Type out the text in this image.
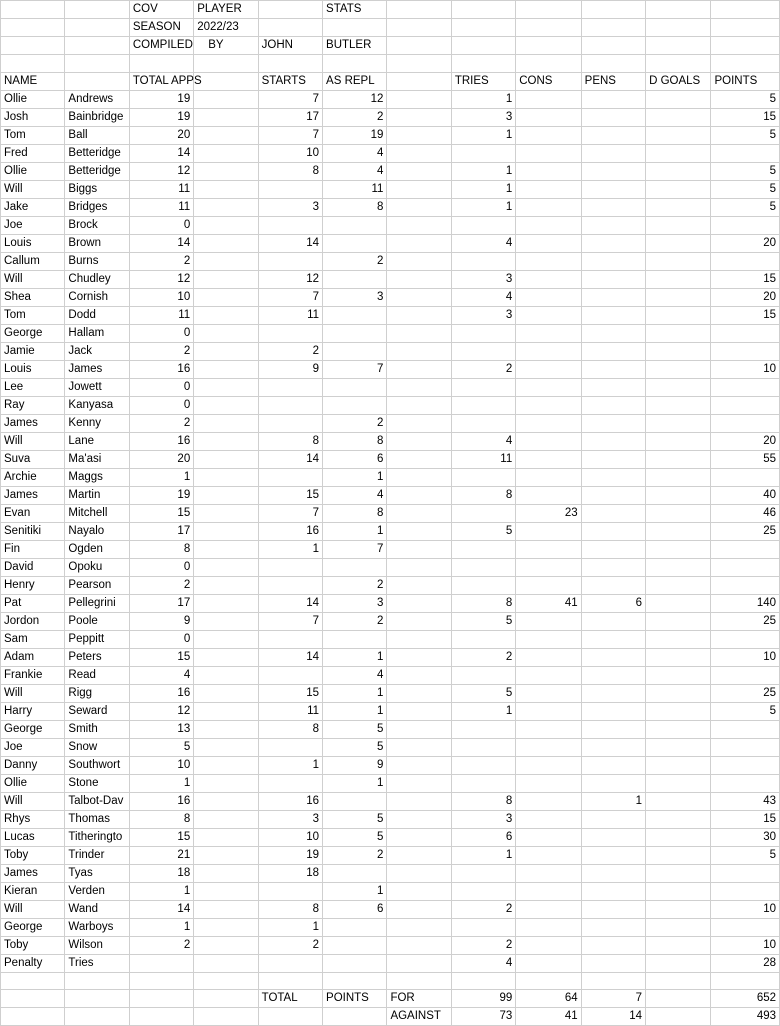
		COV	PLAYER		STATS						
		SEASON	2022/23								
		COMPILED	BY	JOHN	BUTLER						

NAME		TOTAL APPS		STARTS	AS REPL		TRIES	CONS	PENS	D GOALS	POINTS
Ollie	Andrews	19		7	12		1				5
Josh	Bainbridge	19		17	2		3				15
Tom	Ball	20		7	19		1				5
Fred	Betteridge	14		10	4						
Ollie	Betteridge	12		8	4		1				5
Will	Biggs	11			11		1				5
Jake	Bridges	11		3	8		1				5
Joe	Brock	0									
Louis	Brown	14		14			4				20
Callum	Burns	2			2						
Will	Chudley	12		12			3				15
Shea	Cornish	10		7	3		4				20
Tom	Dodd	11		11			3				15
George	Hallam	0									
Jamie	Jack	2		2							
Louis	James	16		9	7		2				10
Lee	Jowett	0									
Ray	Kanyasa	0									
James	Kenny	2			2						
Will	Lane	16		8	8		4				20
Suva	Ma'asi	20		14	6		11				55
Archie	Maggs	1			1						
James	Martin	19		15	4		8				40
Evan	Mitchell	15		7	8			23			46
Senitiki	Nayalo	17		16	1		5				25
Fin	Ogden	8		1	7						
David	Opoku	0									
Henry	Pearson	2			2						
Pat	Pellegrini	17		14	3		8	41	6		140
Jordon	Poole	9		7	2		5				25
Sam	Peppitt	0									
Adam	Peters	15		14	1		2				10
Frankie	Read	4			4						
Will	Rigg	16		15	1		5				25
Harry	Seward	12		11	1		1				5
George	Smith	13		8	5						
Joe	Snow	5			5						
Danny	Southwort	10		1	9						
Ollie	Stone	1			1						
Will	Talbot-Dav	16		16			8		1		43
Rhys	Thomas	8		3	5		3				15
Lucas	Titheringto	15		10	5		6				30
Toby	Trinder	21		19	2		1				5
James	Tyas	18		18							
Kieran	Verden	1			1						
Will	Wand	14		8	6		2				10
George	Warboys	1		1							
Toby	Wilson	2		2			2				10
Penalty	Tries						4				28

				TOTAL	POINTS	FOR	99	64	7		652
						AGAINST	73	41	14		493
